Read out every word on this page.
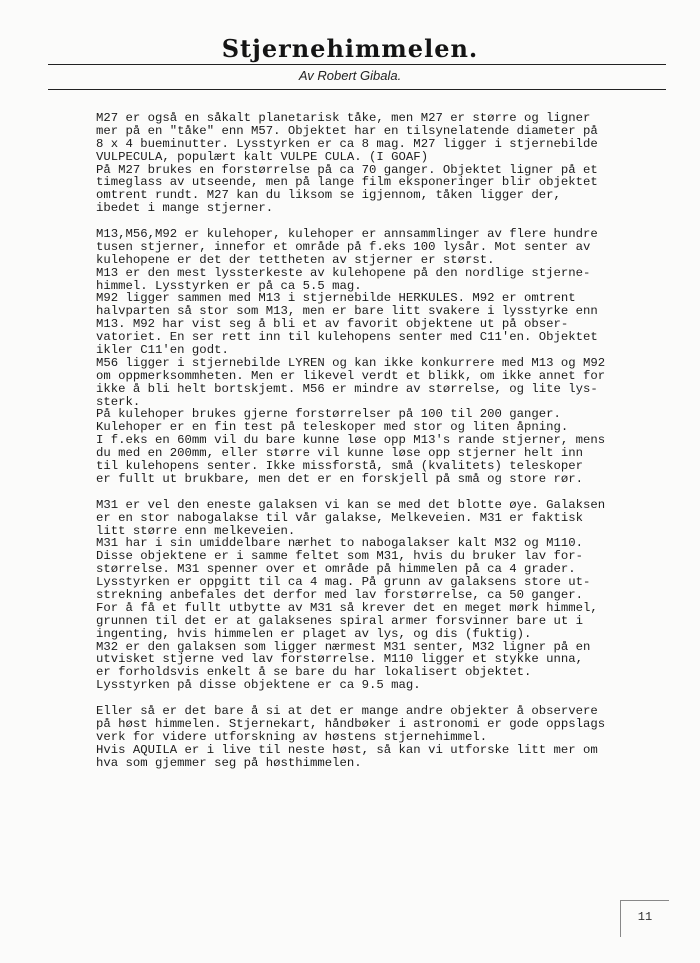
Stjernehimmelen.
Av Robert Gibala.
M27 er også en såkalt planetarisk tåke, men M27 er større og ligner
mer på en "tåke" enn M57. Objektet har en tilsynelatende diameter på
8 x 4 bueminutter. Lysstyrken er ca 8 mag. M27 ligger i stjernebilde
VULPECULA, populært kalt VULPE CULA. (I GOAF)
På M27 brukes en forstørrelse på ca 70 ganger. Objektet ligner på et
timeglass av utseende, men på lange film eksponeringer blir objektet
omtrent rundt. M27 kan du liksom se igjennom, tåken ligger der,
ibedet i mange stjerner.
M13,M56,M92 er kulehoper, kulehoper er annsammlinger av flere hundre
tusen stjerner, innefor et område på f.eks 100 lysår. Mot senter av
kulehopene er det der tettheten av stjerner er størst.
M13 er den mest lyssterkeste av kulehopene på den nordlige stjerne-
himmel. Lysstyrken er på ca 5.5 mag.
M92 ligger sammen med M13 i stjernebilde HERKULES. M92 er omtrent
halvparten så stor som M13, men er bare litt svakere i lysstyrke enn
M13. M92 har vist seg å bli et av favorit objektene ut på obser-
vatoriet. En ser rett inn til kulehopens senter med C11'en. Objektet
ikler C11'en godt.
M56 ligger i stjernebilde LYREN og kan ikke konkurrere med M13 og M92
om oppmerksommheten. Men er likevel verdt et blikk, om ikke annet for
ikke å bli helt bortskjemt. M56 er mindre av størrelse, og lite lys-
sterk.
På kulehoper brukes gjerne forstørrelser på 100 til 200 ganger.
Kulehoper er en fin test på teleskoper med stor og liten åpning.
I f.eks en 60mm vil du bare kunne løse opp M13's rande stjerner, mens
du med en 200mm, eller større vil kunne løse opp stjerner helt inn
til kulehopens senter. Ikke missforstå, små (kvalitets) teleskoper
er fullt ut brukbare, men det er en forskjell på små og store rør.
M31 er vel den eneste galaksen vi kan se med det blotte øye. Galaksen
er en stor nabogalakse til vår galakse, Melkeveien. M31 er faktisk
litt større enn melkeveien.
M31 har i sin umiddelbare nærhet to nabogalakser kalt M32 og M110.
Disse objektene er i samme feltet som M31, hvis du bruker lav for-
størrelse. M31 spenner over et område på himmelen på ca 4 grader.
Lysstyrken er oppgitt til ca 4 mag. På grunn av galaksens store ut-
strekning anbefales det derfor med lav forstørrelse, ca 50 ganger.
For å få et fullt utbytte av M31 så krever det en meget mørk himmel,
grunnen til det er at galaksenes spiral armer forsvinner bare ut i
ingenting, hvis himmelen er plaget av lys, og dis (fuktig).
M32 er den galaksen som ligger nærmest M31 senter, M32 ligner på en
utvisket stjerne ved lav forstørrelse. M110 ligger et stykke unna,
er forholdsvis enkelt å se bare du har lokalisert objektet.
Lysstyrken på disse objektene er ca 9.5 mag.
Eller så er det bare å si at det er mange andre objekter å observere
på høst himmelen. Stjernekart, håndbøker i astronomi er gode oppslags
verk for videre utforskning av høstens stjernehimmel.
Hvis AQUILA er i live til neste høst, så kan vi utforske litt mer om
hva som gjemmer seg på høsthimmelen.
11
